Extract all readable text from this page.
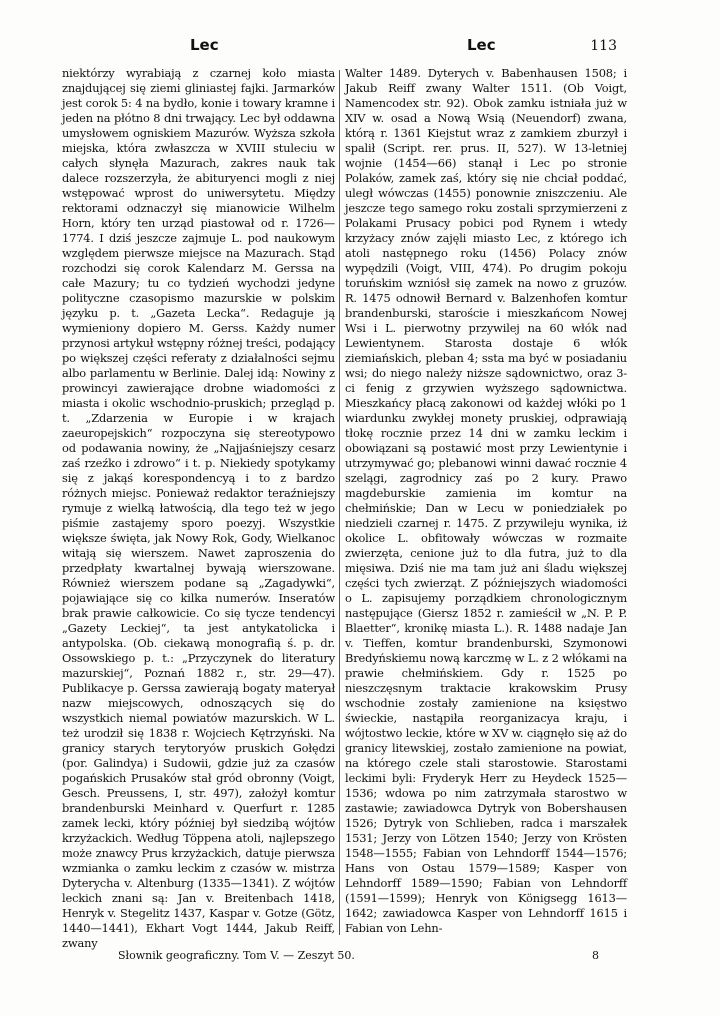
Lec	Lec	113

niektórzy wyrabiają z czarnej koło miasta znajdującej się ziemi gliniastej fajki. Jarmarków jest corok 5: 4 na bydło, konie i towary kramne i jeden na płótno 8 dni trwający. Lec był oddawna umysłowem ogniskiem Mazurów. Wyższa szkoła miejska, która zwłaszcza w XVIII stuleciu w całych słynęła Mazurach, zakres nauk tak dalece rozszerzyła, że abituryenci mogli z niej wstępować wprost do uniwersytetu. Między rektorami odznaczył się mianowicie Wilhelm Horn, który ten urząd piastował od r. 1726—1774. I dziś jeszcze zajmuje L. pod naukowym względem pierwsze miejsce na Mazurach. Stąd rozchodzi się corok Kalendarz M. Gerssa na całe Mazury; tu co tydzień wychodzi jedyne polityczne czasopismo mazurskie w polskim języku p. t. „Gazeta Lecka“. Redaguje ją wymieniony dopiero M. Gerss. Każdy numer przynosi artykuł wstępny różnej treści, podający po większej części referaty z działalności sejmu albo parlamentu w Berlinie. Dalej idą: Nowiny z prowincyi zawierające drobne wiadomości z miasta i okolic wschodnio-pruskich; przegląd p. t. „Zdarzenia w Europie i w krajach zaeuropejskich“ rozpoczyna się stereotypowo od podawania nowiny, że „Najjaśniejszy cesarz zaś rzeźko i zdrowo“ i t. p. Niekiedy spotykamy się z jakąś korespondencyą i to z bardzo różnych miejsc. Ponieważ redaktor teraźniejszy rymuje z wielką łatwością, dla tego też w jego piśmie zastajemy sporo poezyj. Wszystkie większe święta, jak Nowy Rok, Gody, Wielkanoc witają się wierszem. Nawet zaproszenia do przedpłaty kwartalnej bywają wierszowane. Również wierszem podane są „Zagadywki“, pojawiające się co kilka numerów. Inseratów brak prawie całkowicie. Co się tycze tendencyi „Gazety Leckiej“, ta jest antykatolicka i antypolska. (Ob. ciekawą monografią ś. p. dr. Ossowskiego p. t.: „Przyczynek do literatury mazurskiej“, Poznań 1882 r., str. 29—47). Publikacye p. Gerssa zawierają bogaty materyał nazw miejscowych, odnoszących się do wszystkich niemal powiatów mazurskich. W L. też urodził się 1838 r. Wojciech Kętrzyński. Na granicy starych terytoryów pruskich Gołędzi (por. Galindya) i Sudowii, gdzie już za czasów pogańskich Prusaków stał gród obronny (Voigt, Gesch. Preussens, I, str. 497), założył komtur brandenburski Meinhard v. Querfurt r. 1285 zamek lecki, który później był siedzibą wójtów krzyżackich. Według Töppena atoli, najlepszego może znawcy Prus krzyżackich, datuje pierwsza wzmianka o zamku leckim z czasów w. mistrza Dyterycha v. Altenburg (1335—1341). Z wójtów leckich znani są: Jan v. Breitenbach 1418, Henryk v. Stegelitz 1437, Kaspar v. Gotze (Götz, 1440—1441), Ekhart Vogt 1444, Jakub Reiff, zwany

Walter 1489. Dyterych v. Babenhausen 1508; i Jakub Reiff zwany Walter 1511. (Ob Voigt, Namencodex str. 92). Obok zamku istniała już w XIV w. osad a Nową Wsią (Neuendorf) zwana, którą r. 1361 Kiejstut wraz z zamkiem zburzył i spalił (Script. rer. prus. II, 527). W 13-letniej wojnie (1454—66) stanął i Lec po stronie Polaków, zamek zaś, który się nie chciał poddać, uległ wówczas (1455) ponownie zniszczeniu. Ale jeszcze tego samego roku zostali sprzymierzeni z Polakami Prusacy pobici pod Rynem i wtedy krzyżacy znów zajęli miasto Lec, z którego ich atoli następnego roku (1456) Polacy znów wypędzili (Voigt, VIII, 474). Po drugim pokoju toruńskim wzniósł się zamek na nowo z gruzów. R. 1475 odnowił Bernard v. Balzenhofen komtur brandenburski, staroście i mieszkańcom Nowej Wsi i L. pierwotny przywilej na 60 włók nad Lewientynem. Starosta dostaje 6 włók ziemiańskich, pleban 4; sstа ma być w posiadaniu wsi; do niego należy niższe sądownictwo, oraz 3-ci fenig z grzywien wyższego sądownictwa. Mieszkańcy płacą zakonowi od każdej włóki po 1 wiardunku zwykłej monety pruskiej, odprawiają tłokę rocznie przez 14 dni w zamku leckim i obowiązani są postawić most przy Lewientynie i utrzymywać go; plebanowi winni dawać rocznie 4 szelągi, zagrodnicy zaś po 2 kury. Prawo magdeburskie zamienia im komtur na chełmińskie; Dan w Lecu w poniedziałek po niedzieli czarnej r. 1475. Z przywileju wynika, iż okolice L. obfitowały wówczas w rozmaite zwierzęta, cenione już to dla futra, już to dla mięsiwa. Dziś nie ma tam już ani śladu większej części tych zwierząt. Z późniejszych wiadomości o L. zapisujemy porządkiem chronologicznym następujące (Giersz 1852 r. zamieścił w „N. P. P. Blaetter“, kronikę miasta L.). R. 1488 nadaje Jan v. Tieffen, komtur brandenburski, Szymonowi Bredyńskiemu nową karczmę w L. z 2 włókami na prawie chełmińskiem. Gdy r. 1525 po nieszczęsnym traktacie krakowskim Prusy wschodnie zostały zamienione na księstwo świeckie, nastąpiła reorganizacya kraju, i wójtostwo leckie, które w XV w. ciągnęło się aż do granicy litewskiej, zostało zamienione na powiat, na którego czele stali starostowie. Starostami leckimi byli: Fryderyk Herr zu Heydeck 1525—1536; wdowa po nim zatrzymała starostwo w zastawie; zawiadowca Dytryk von Bobershausen 1526; Dytryk von Schlieben, radca i marszałek 1531; Jerzy von Lötzen 1540; Jerzy von Krösten 1548—1555; Fabian von Lehndorff 1544—1576; Hans von Ostau 1579—1589; Kasper von Lehndorff 1589—1590; Fabian von Lehndorff (1591—1599); Henryk von Königsegg 1613—1642; zawiadowca Kasper von Lehndorff 1615 i Fabian von Lehn-

Słownik geograficzny. Tom V. — Zeszyt 50.	8
